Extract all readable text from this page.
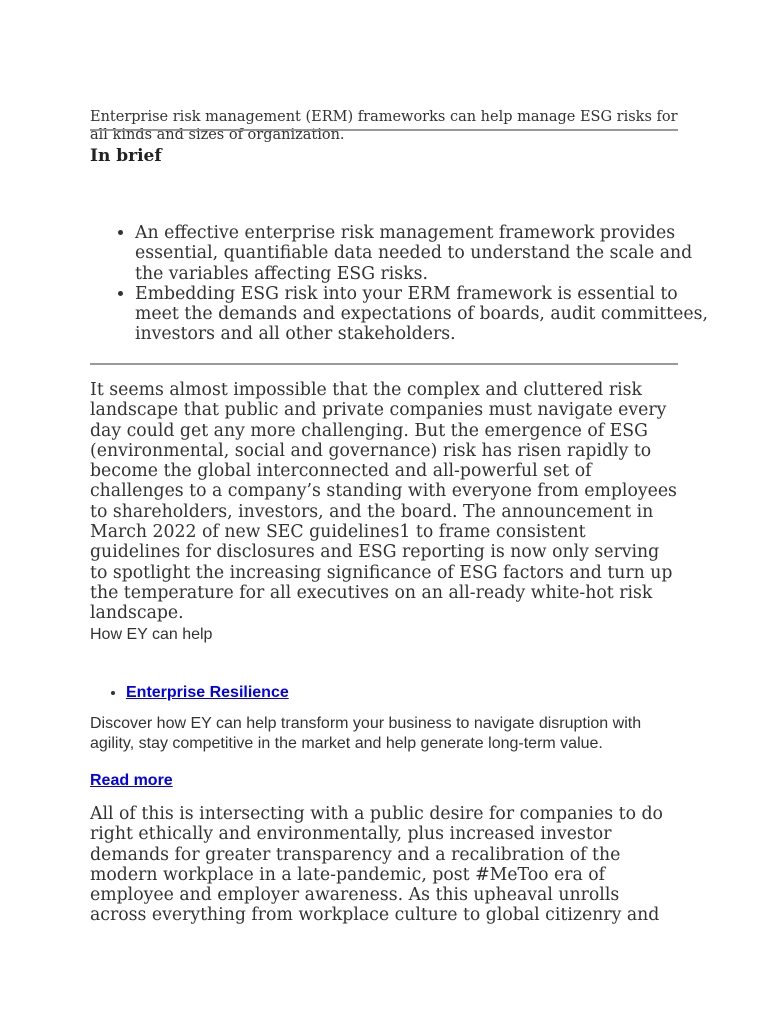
Enterprise risk management (ERM) frameworks can help manage ESG risks for all kinds and sizes of organization.

In brief
• An effective enterprise risk management framework provides essential, quantifiable data needed to understand the scale and the variables affecting ESG risks.
• Embedding ESG risk into your ERM framework is essential to meet the demands and expectations of boards, audit committees, investors and all other stakeholders.

It seems almost impossible that the complex and cluttered risk landscape that public and private companies must navigate every day could get any more challenging. But the emergence of ESG (environmental, social and governance) risk has risen rapidly to become the global interconnected and all-powerful set of challenges to a company’s standing with everyone from employees to shareholders, investors, and the board. The announcement in March 2022 of new SEC guidelines1 to frame consistent guidelines for disclosures and ESG reporting is now only serving to spotlight the increasing significance of ESG factors and turn up the temperature for all executives on an all-ready white-hot risk landscape.

How EY can help

• Enterprise Resilience

Discover how EY can help transform your business to navigate disruption with agility, stay competitive in the market and help generate long-term value.

Read more

All of this is intersecting with a public desire for companies to do right ethically and environmentally, plus increased investor demands for greater transparency and a recalibration of the modern workplace in a late-pandemic, post #MeToo era of employee and employer awareness. As this upheaval unrolls across everything from workplace culture to global citizenry and
